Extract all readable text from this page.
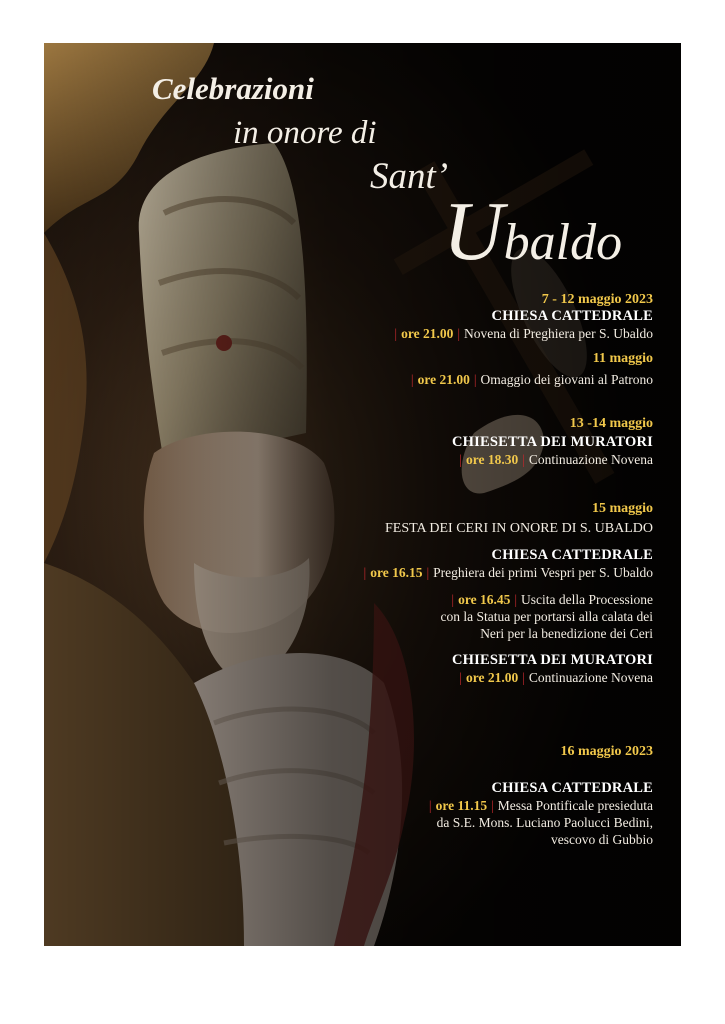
Celebrazioni
in onore di
Sant’
Ubaldo
7 - 12 maggio 2023
CHIESA CATTEDRALE
| ore 21.00 | Novena di Preghiera per S. Ubaldo
11 maggio
| ore 21.00 | Omaggio dei giovani al Patrono
13 -14 maggio
CHIESETTA DEI MURATORI
| ore 18.30 | Continuazione Novena
15 maggio
FESTA DEI CERI IN ONORE DI S. UBALDO
CHIESA CATTEDRALE
| ore 16.15 | Preghiera dei primi Vespri per S. Ubaldo
| ore 16.45 | Uscita della Processione
con la Statua per portarsi alla calata dei
Neri per la benedizione dei Ceri
CHIESETTA DEI MURATORI
| ore 21.00 | Continuazione Novena
16 maggio 2023
CHIESA CATTEDRALE
| ore 11.15 | Messa Pontificale presieduta
da S.E. Mons. Luciano Paolucci Bedini,
vescovo di Gubbio
